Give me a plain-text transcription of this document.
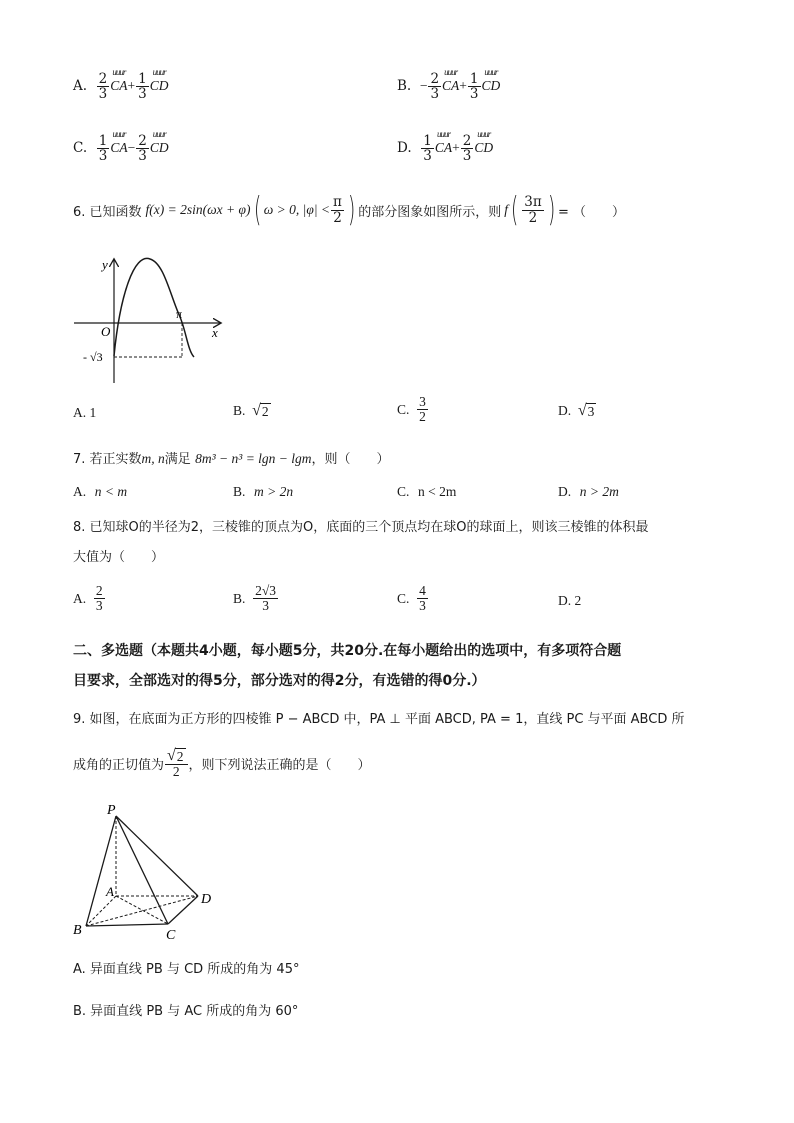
A. $\frac{2}{3}$ uuur
$CA+ \frac{1}{3}$ uuur
CD	B. − $\frac{2}{3}$ uuur
$CA+ \frac{1}{3}$ uuur
CD
C. $\frac{1}{3}$ uuur
$CA- \frac{2}{3}$ uuur
CD	D. $\frac{1}{3}$ uuur
$CA+ \frac{2}{3}$ uuur
CD
6. 已知函数 f(x) = 2sin(ωx + φ) ( ω > 0, $|\varphi| < \frac{\pi}{2}$ ) 的部分图象如图所示，则 f ( $\frac{3\pi}{2}$ ) = （　　）
y
x
O
π
- √3
A. 1	B.
√ 2	C.
$\frac{3}{2}$	D.
√ 3
7. 若正实数m, n满足 8m³ − n³ = lgn − lgm，则（　　）
A. n < m	B. m > 2n	C. n < 2m	D. n > 2m
8. 已知球O的半径为2，三棱锥的顶点为O，底面的三个顶点均在球O的球面上，则该三棱锥的体积最
大值为（　　）
A.
$\frac{2}{3}$	B.
$\frac{2√3}{3}$	C.
$\frac{4}{3}$	D. 2
二、多选题（本题共4小题，每小题5分，共20分.在每小题给出的选项中，有多项符合题
目要求，全部选对的得5分，部分选对的得2分，有选错的得0分.）
9. 如图，在底面为正方形的四棱锥 P − ABCD 中，PA ⊥ 平面 ABCD, PA = 1，直线 PC 与平面 ABCD 所
成角的正切值为 $\frac{√ 2}{2}$ ，则下列说法正确的是（　　）
P
A
B	C
D
A. 异面直线 PB 与 CD 所成的角为 45°
B. 异面直线 PB 与 AC 所成的角为 60°
